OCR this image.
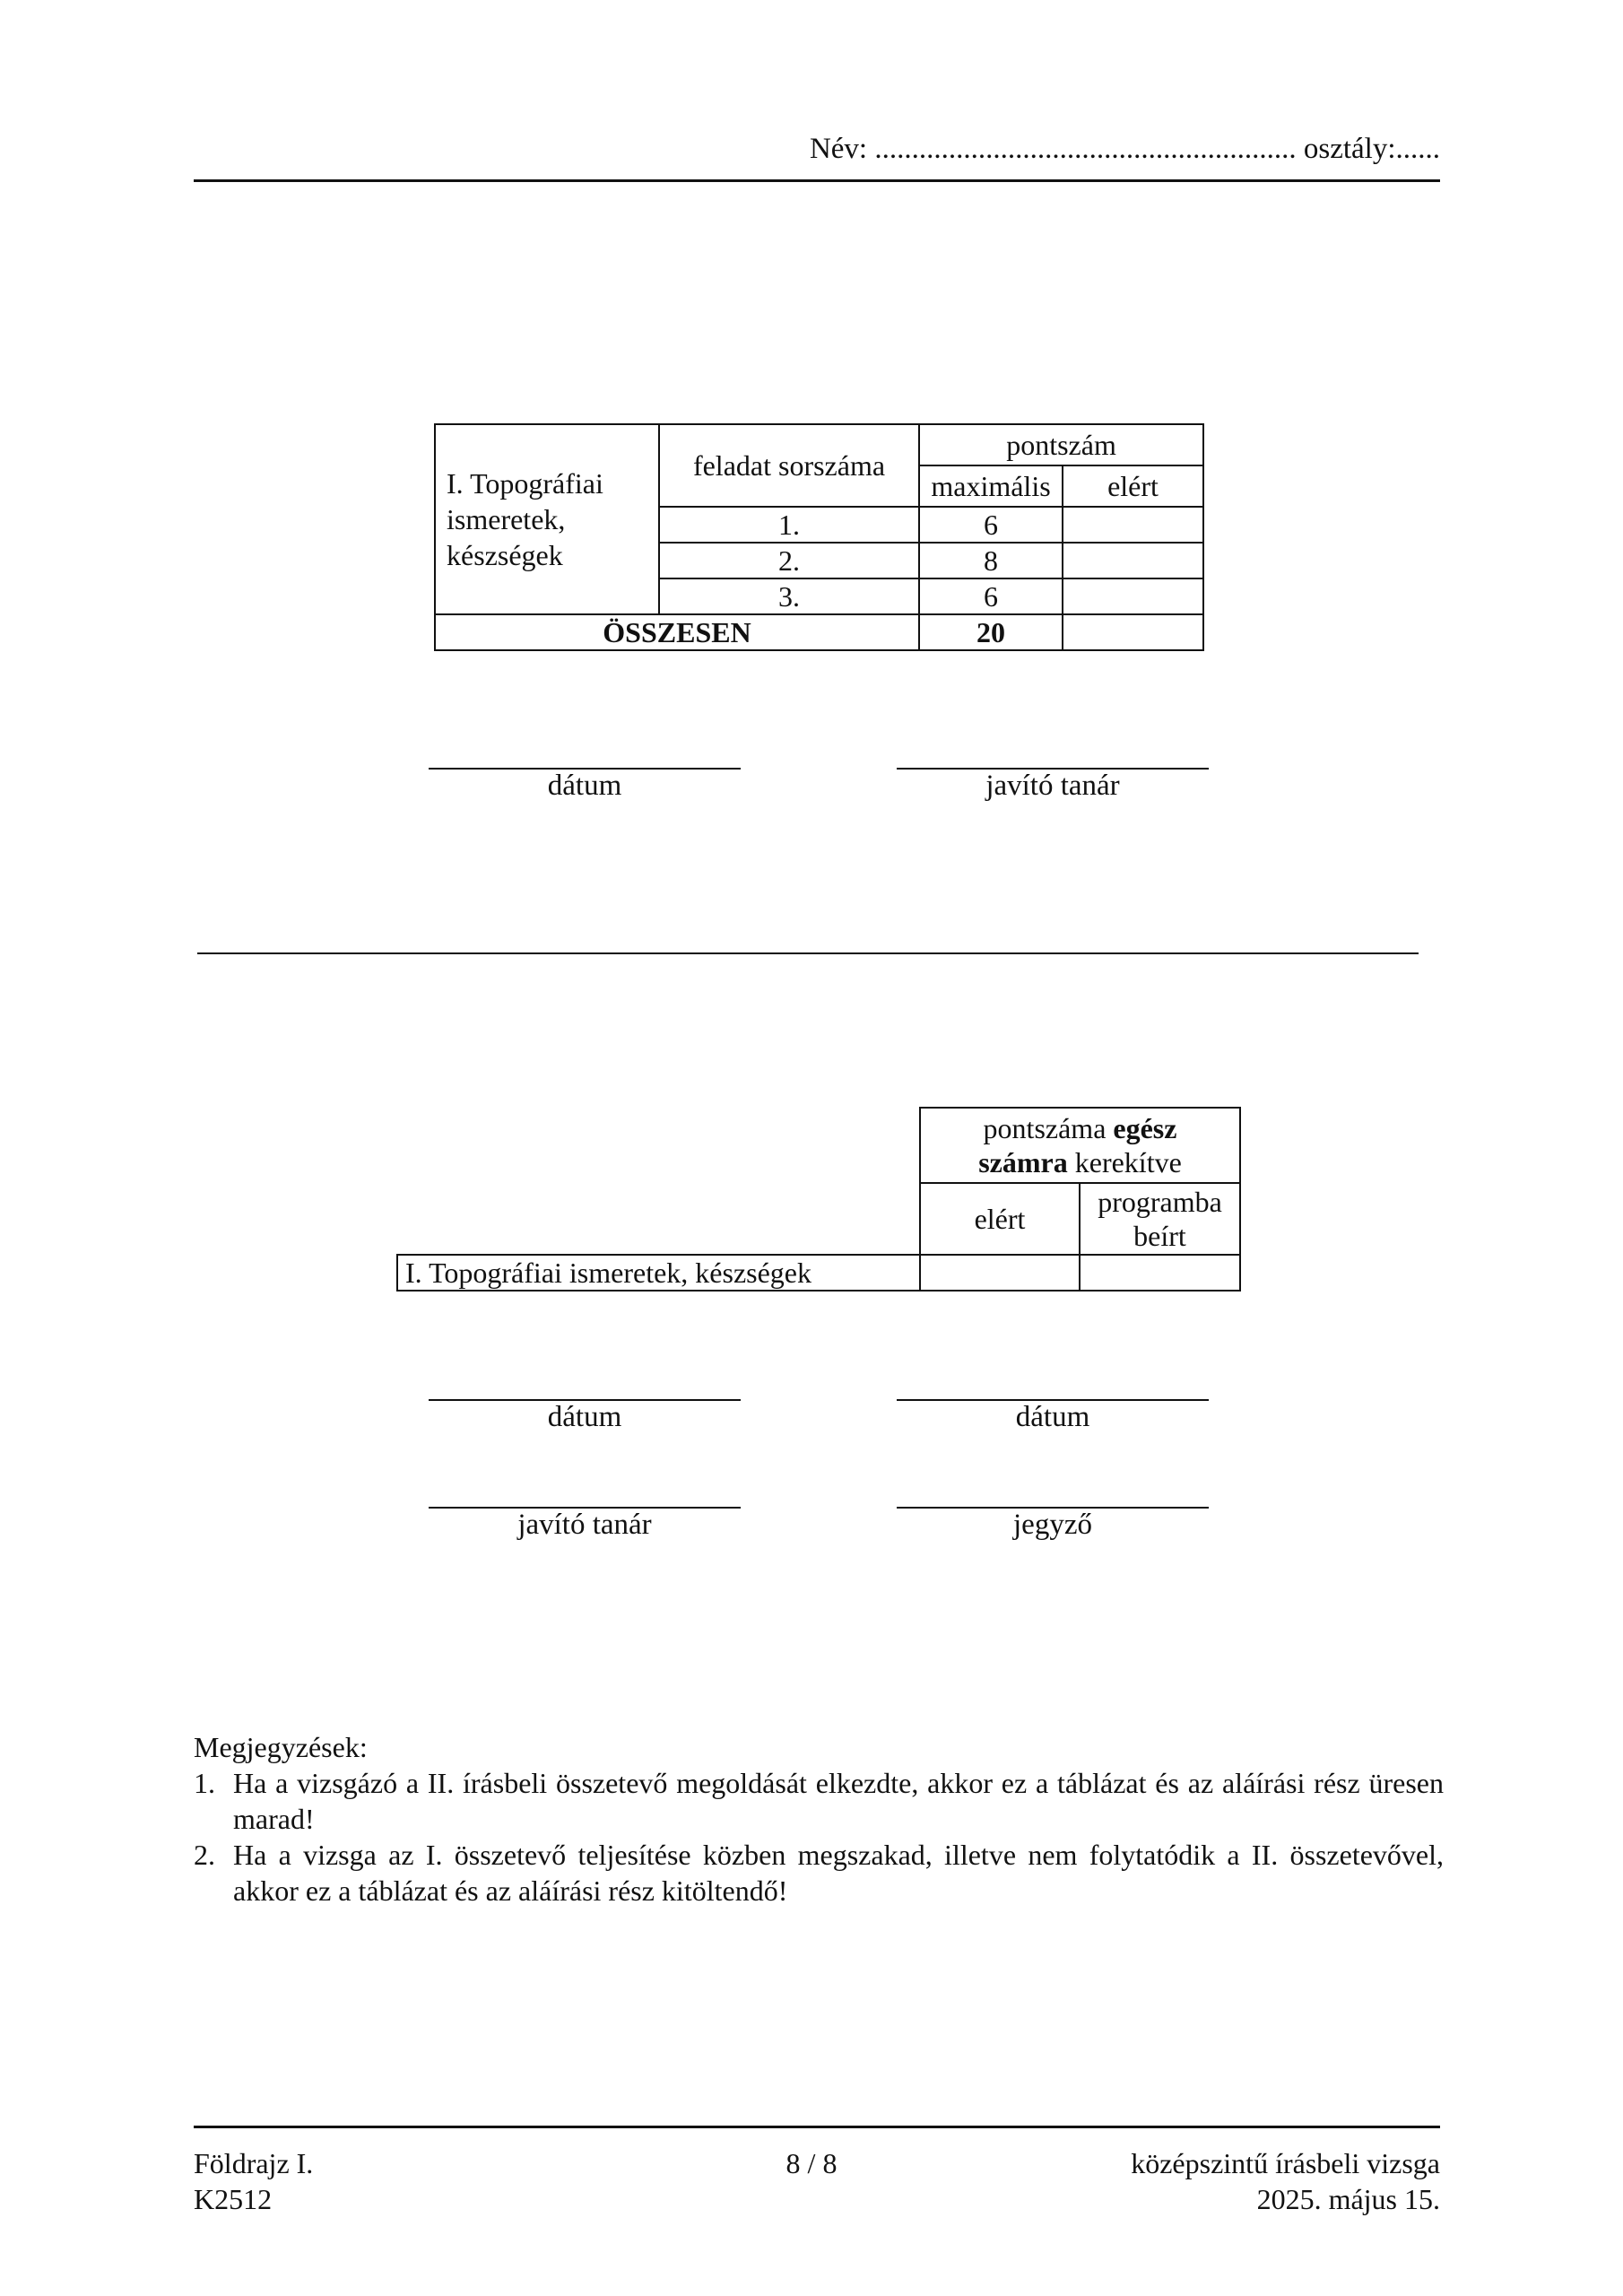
Név: ......................................................... osztály:......
I. Topográfiai
ismeretek,
készségek	feladat sorszáma	pontszám	
		maximális	elért
	1.	6	
	2.	8	
	3.	6	
ÖSSZESEN		20	
dátum	javító tanár
	pontszáma egész
számra kerekítve	
	elért	programba
beírt

I. Topográfiai ismeretek, készségek		
dátum	dátum
javító tanár	jegyző
Megjegyzések:
1. Ha a vizsgázó a II. írásbeli összetevő megoldását elkezdte, akkor ez a táblázat és az aláírási rész üresen marad!
2. Ha a vizsga az I. összetevő teljesítése közben megszakad, illetve nem folytatódik a II. összetevővel, akkor ez a táblázat és az aláírási rész kitöltendő!
Földrajz I.
K2512
8 / 8	középszintű írásbeli vizsga
2025. május 15.
